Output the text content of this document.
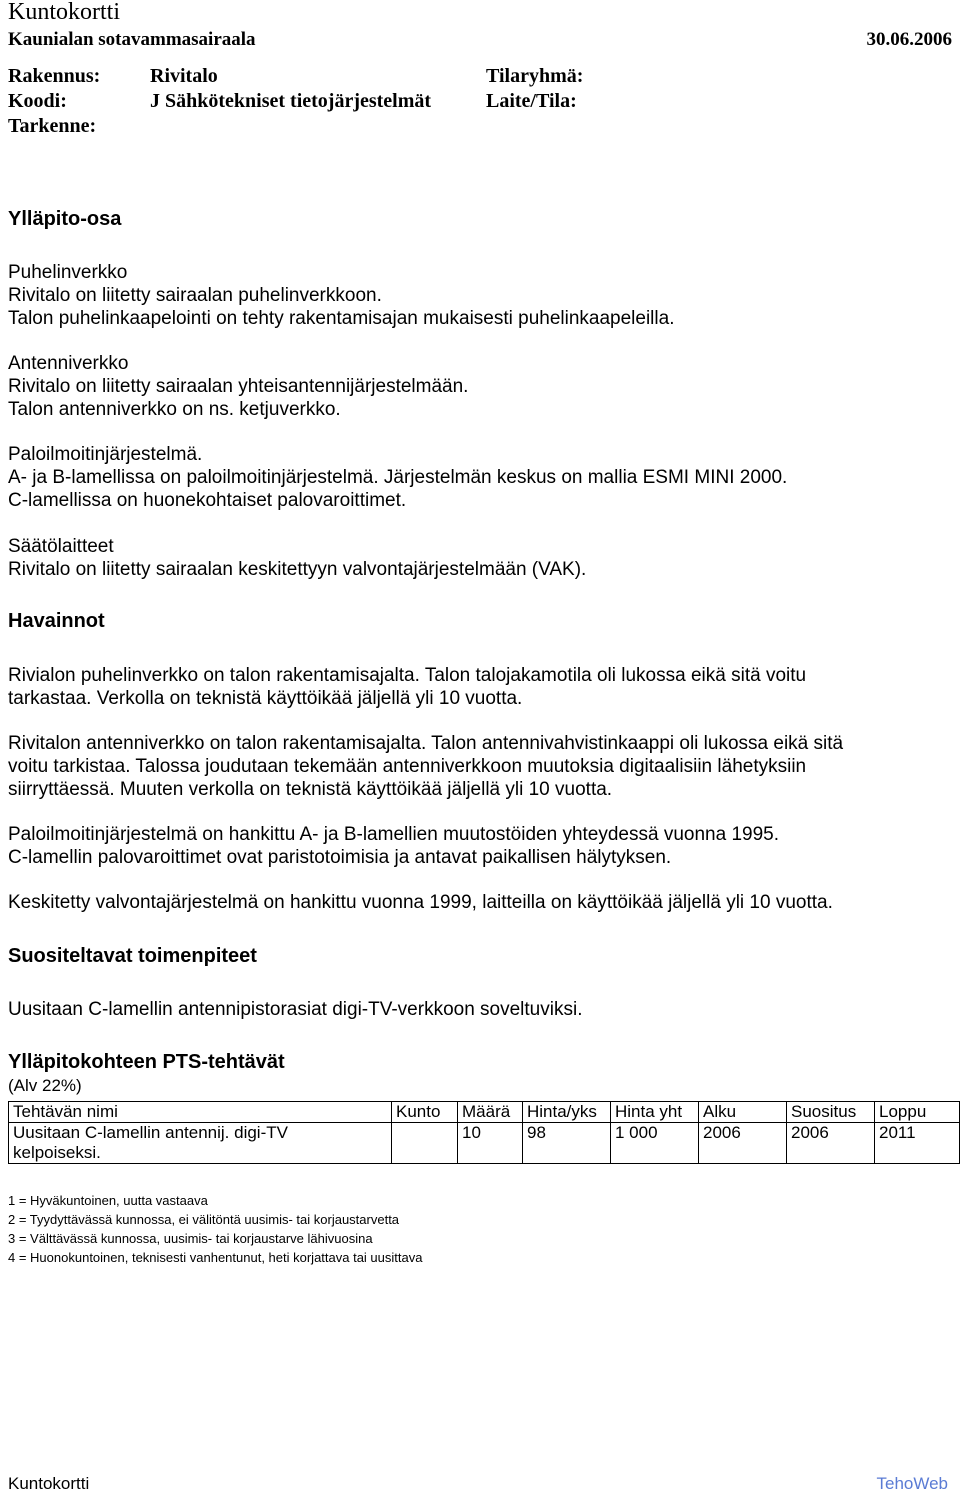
Kuntokortti
Kaunialan sotavammasairaala	30.06.2006
Rakennus:	Rivitalo	Tilaryhmä:
Koodi:	J Sähkötekniset tietojärjestelmät	Laite/Tila:
Tarkenne:
Ylläpito-osa

Puhelinverkko

Rivitalo on liitetty sairaalan puhelinverkkoon.

Talon puhelinkaapelointi on tehty rakentamisajan mukaisesti puhelinkaapeleilla.

Antenniverkko

Rivitalo on liitetty sairaalan yhteisantennijärjestelmään.

Talon antenniverkko on ns. ketjuverkko.

Paloilmoitinjärjestelmä.

A- ja B-lamellissa on paloilmoitinjärjestelmä. Järjestelmän keskus on mallia ESMI MINI 2000.

C-lamellissa on huonekohtaiset palovaroittimet.

Säätölaitteet

Rivitalo on liitetty sairaalan keskitettyyn valvontajärjestelmään (VAK).

Havainnot

Rivialon puhelinverkko on talon rakentamisajalta. Talon talojakamotila oli lukossa eikä sitä voitu

tarkastaa. Verkolla on teknistä käyttöikää jäljellä yli 10 vuotta.

Rivitalon antenniverkko on talon rakentamisajalta. Talon antennivahvistinkaappi oli lukossa eikä sitä

voitu tarkistaa. Talossa joudutaan tekemään antenniverkkoon muutoksia digitaalisiin lähetyksiin

siirryttäessä. Muuten verkolla on teknistä käyttöikää jäljellä yli 10 vuotta.

Paloilmoitinjärjestelmä on hankittu A- ja B-lamellien muutostöiden yhteydessä vuonna 1995.

C-lamellin palovaroittimet ovat paristotoimisia ja antavat paikallisen hälytyksen.

Keskitetty valvontajärjestelmä on hankittu vuonna 1999, laitteilla on käyttöikää jäljellä yli 10 vuotta.

Suositeltavat toimenpiteet
Uusitaan C-lamellin antennipistorasiat digi-TV-verkkoon soveltuviksi.
Ylläpitokohteen PTS-tehtävät
(Alv 22%)
Tehtävän nimi	Kunto	Määrä	Hinta/yks	Hinta yht	Alku	Suositus	Loppu

Uusitaan C-lamellin antennij. digi-TV
kelpoiseksi.		10	98	1 000	2006	2006	2011
1 = Hyväkuntoinen, uutta vastaava
2 = Tyydyttävässä kunnossa, ei välitöntä uusimis- tai korjaustarvetta
3 = Välttävässä kunnossa, uusimis- tai korjaustarve lähivuosina
4 = Huonokuntoinen, teknisesti vanhentunut, heti korjattava tai uusittava
Kuntokortti	TehoWeb
